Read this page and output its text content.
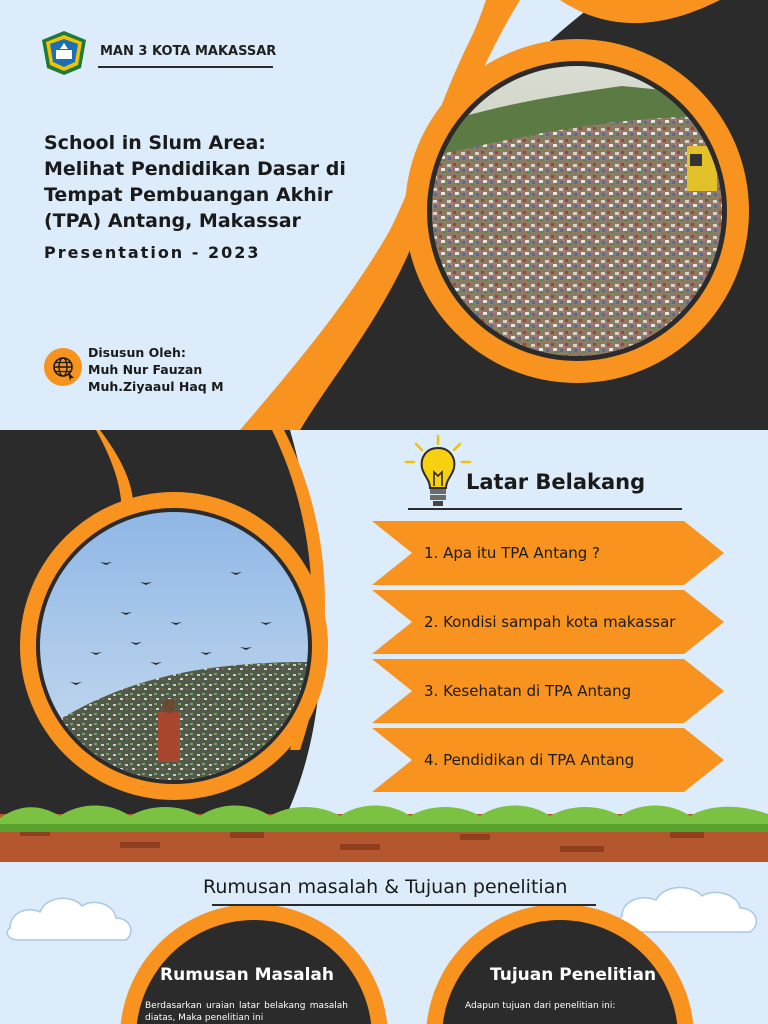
MAN 3 KOTA MAKASSAR
School in Slum Area:
Melihat Pendidikan Dasar di
Tempat Pembuangan Akhir
(TPA) Antang, Makassar
Presentation - 2023
Disusun Oleh:
Muh Nur Fauzan
Muh.Ziyaaul Haq M
Latar Belakang
1. Apa itu TPA Antang ?
2. Kondisi sampah kota makassar
3. Kesehatan di TPA Antang
4. Pendidikan di TPA Antang
Rumusan masalah & Tujuan penelitian
Rumusan Masalah
Berdasarkan uraian latar belakang masalah diatas, Maka penelitian ini
Tujuan Penelitian
Adapun tujuan dari penelitian ini:
